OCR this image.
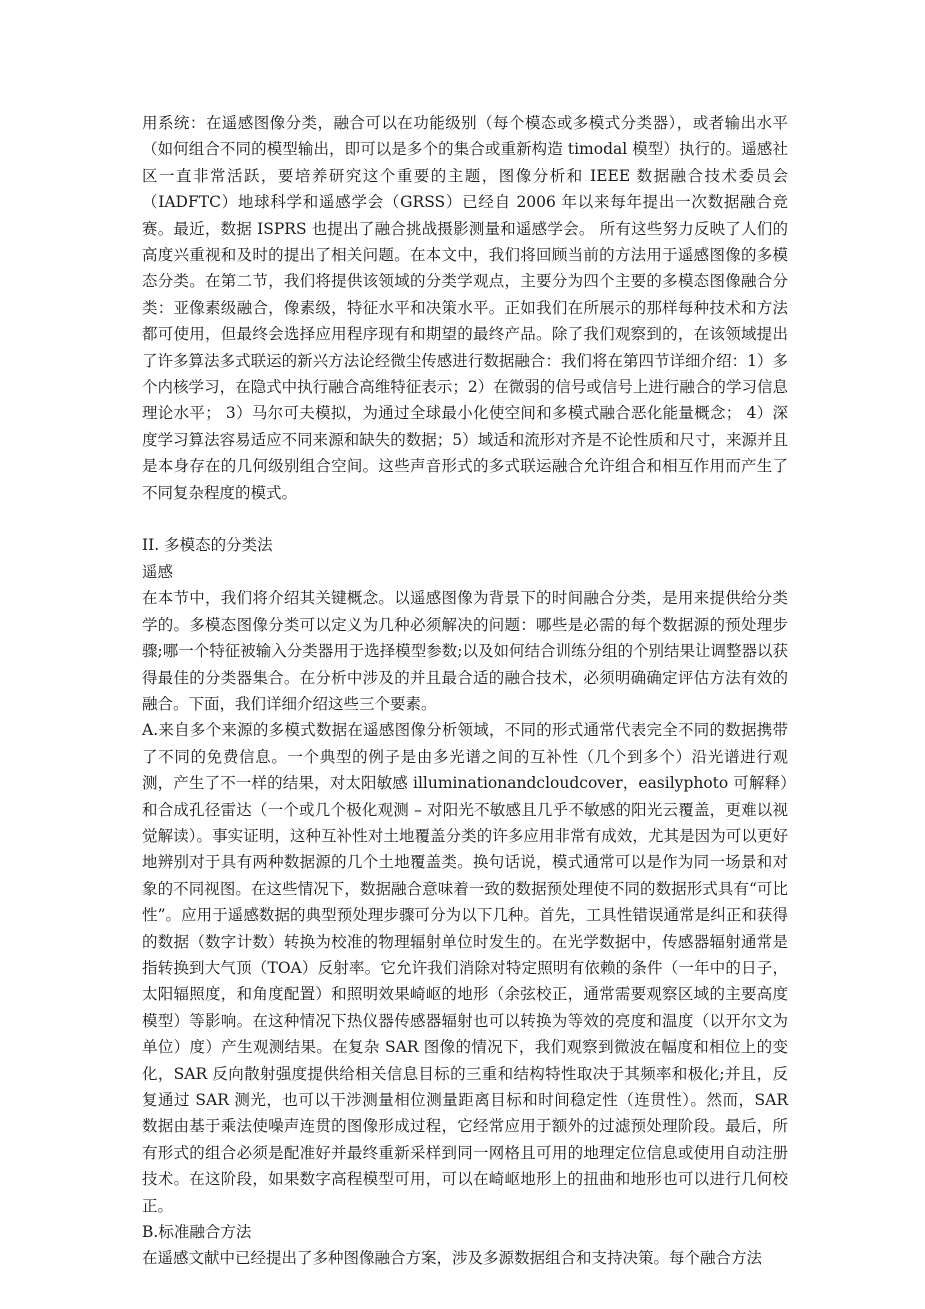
用系统：在遥感图像分类，融合可以在功能级别（每个模态或多模式分类器），或者输出水平（如何组合不同的模型输出，即可以是多个的集合或重新构造 timodal 模型）执行的。遥感社区一直非常活跃，要培养研究这个重要的主题，图像分析和 IEEE 数据融合技术委员会（IADFTC）地球科学和遥感学会（GRSS）已经自 2006 年以来每年提出一次数据融合竞赛。最近，数据 ISPRS 也提出了融合挑战摄影测量和遥感学会。 所有这些努力反映了人们的高度兴重视和及时的提出了相关问题。在本文中，我们将回顾当前的方法用于遥感图像的多模态分类。在第二节，我们将提供该领域的分类学观点，主要分为四个主要的多模态图像融合分类：亚像素级融合，像素级，特征水平和决策水平。正如我们在所展示的那样每种技术和方法都可使用，但最终会选择应用程序现有和期望的最终产品。除了我们观察到的，在该领域提出了许多算法多式联运的新兴方法论经微尘传感进行数据融合：我们将在第四节详细介绍：1）多个内核学习，在隐式中执行融合高维特征表示；2）在微弱的信号或信号上进行融合的学习信息理论水平； 3）马尔可夫模拟，为通过全球最小化使空间和多模式融合恶化能量概念； 4）深度学习算法容易适应不同来源和缺失的数据；5）域适和流形对齐是不论性质和尺寸，来源并且是本身存在的几何级别组合空间。这些声音形式的多式联运融合允许组合和相互作用而产生了不同复杂程度的模式。

II. 多模态的分类法

遥感

在本节中，我们将介绍其关键概念。以遥感图像为背景下的时间融合分类，是用来提供给分类学的。多模态图像分类可以定义为几种必须解决的问题：哪些是必需的每个数据源的预处理步骤;哪一个特征被输入分类器用于选择模型参数;以及如何结合训练分组的个别结果让调整器以获得最佳的分类器集合。在分析中涉及的并且最合适的融合技术，必须明确确定评估方法有效的融合。下面，我们详细介绍这些三个要素。

A.来自多个来源的多模式数据在遥感图像分析领域，不同的形式通常代表完全不同的数据携带了不同的免费信息。一个典型的例子是由多光谱之间的互补性（几个到多个）沿光谱进行观测，产生了不一样的结果，对太阳敏感 illuminationandcloudcover，easilyphoto 可解释）和合成孔径雷达（一个或几个极化观测 – 对阳光不敏感且几乎不敏感的阳光云覆盖，更难以视觉解读）。事实证明，这种互补性对土地覆盖分类的许多应用非常有成效，尤其是因为可以更好地辨别对于具有两种数据源的几个土地覆盖类。换句话说，模式通常可以是作为同一场景和对象的不同视图。在这些情况下，数据融合意味着一致的数据预处理使不同的数据形式具有“可比性”。应用于遥感数据的典型预处理步骤可分为以下几种。首先，工具性错误通常是纠正和获得的数据（数字计数）转换为校准的物理辐射单位时发生的。在光学数据中，传感器辐射通常是指转换到大气顶（TOA）反射率。它允许我们消除对特定照明有依赖的条件（一年中的日子，太阳辐照度，和角度配置）和照明效果崎岖的地形（余弦校正，通常需要观察区域的主要高度模型）等影响。在这种情况下热仪器传感器辐射也可以转换为等效的亮度和温度（以开尔文为单位）度）产生观测结果。在复杂 SAR 图像的情况下，我们观察到微波在幅度和相位上的变化，SAR 反向散射强度提供给相关信息目标的三重和结构特性取决于其频率和极化;并且，反复通过 SAR 测光，也可以干涉测量相位测量距离目标和时间稳定性（连贯性）。然而，SAR 数据由基于乘法使噪声连贯的图像形成过程，它经常应用于额外的过滤预处理阶段。最后，所有形式的组合必须是配准好并最终重新采样到同一网格且可用的地理定位信息或使用自动注册技术。在这阶段，如果数字高程模型可用，可以在崎岖地形上的扭曲和地形也可以进行几何校正。

B.标准融合方法

在遥感文献中已经提出了多种图像融合方案，涉及多源数据组合和支持决策。每个融合方法
